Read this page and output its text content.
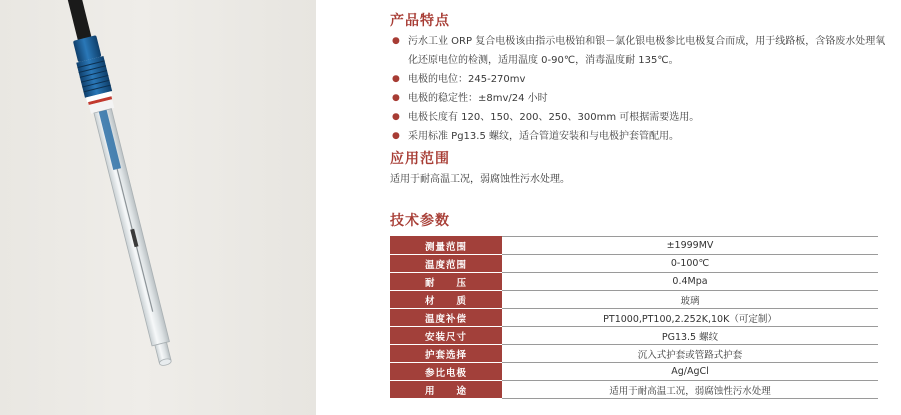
产品特点
● 污水工业 ORP 复合电极该由指示电极铂和银－氯化银电极参比电极复合而成，用于线路板，含铬废水处理氧化还原电位的检测，适用温度 0-90℃，消毒温度耐 135℃。
● 电极的电位：245-270mv
● 电极的稳定性：±8mv/24 小时
● 电极长度有 120、150、200、250、300mm 可根据需要选用。
● 采用标准 Pg13.5 螺纹，适合管道安装和与电极护套管配用。
应用范围
适用于耐高温工况，弱腐蚀性污水处理。
技术参数
测量范围	±1999MV
温度范围	0-100℃
耐　　压	0.4Mpa
材　　质	玻璃
温度补偿	PT1000,PT100,2.252K,10K（可定制）
安装尺寸	PG13.5 螺纹
护套选择	沉入式护套或管路式护套
参比电极	Ag/AgCl
用　　途	适用于耐高温工况，弱腐蚀性污水处理
